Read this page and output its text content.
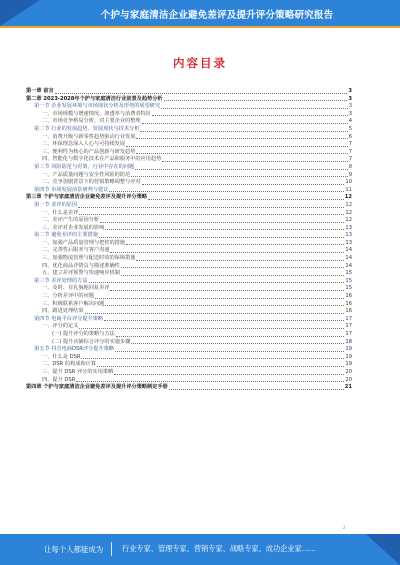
个护与家庭清洁企业避免差评及提升评分策略研究报告
内容目录
第一章 前言	3
第二章 2023-2028年个护与家庭清洁行业前景及趋势分析	3
第一节 企业发展环境与市场现状分析及形势的展望研究	3
一、市场规模与增速情况、渗透率与消费者特征	3
二、市场竞争格局分析，对主要企业的整理	4
第二节 行业的发展趋势、发展现状与技术分析	5
一、消费升级与新零售趋势驱动行业发展	6
二、环保理念深入人心与可持续发展	7
三、便利性为核心的产品创新与研发趋势	7
四、智能化与数字化技术在产品和服务中的应用趋势	7
第三节 风险防范与对策，行业中存在的问题	8
一、产品质量问题与安全性风险的防范	9
二、竞争加剧背景下的营销策略调整与应对	10
第四节 市场发展前景研判与建议	11
第三章 个护与家庭清洁企业避免差评及提升评分策略	12
第一节 差评的原因	12
一、什么是差评	12
二、差评产生的原因分析	12
三、差评对企业发展的影响	13
第二节 避免差评的主要措施	13
一、加强产品质量管理与把控的措施	13
二、完善售后服务与客户沟通	14
三、加强物流管理与配送时效的保障措施	14
四、优化商品详情页与描述准确性	14
五、建立差评预警与快速响应机制	15
第三节 差评处理的方法	15
一、及时、有礼貌地回复差评	15
二、分析差评中的问题	16
三、积极联系客户解决问题	16
四、跟进处理结果	16
第四节 电商平台评分提升策略	17
一、评分的定义	17
(一) 提升评分的策略与方法	17
(二) 提升店铺综合评分的实施步骤	18
第五节 抖音电商DSR评分提升策略	19
一、什么是 DSR	19
二、DSR 的构成和计算	19
三、提升 DSR 评分的实用策略	20
四、提升 DSR	20
第四章 个护与家庭清洁企业避免差评及提升评分策略制定手册	21
2
让每个人都能成为	行业专家、管理专家、营销专家、战略专家、成功企业家……
